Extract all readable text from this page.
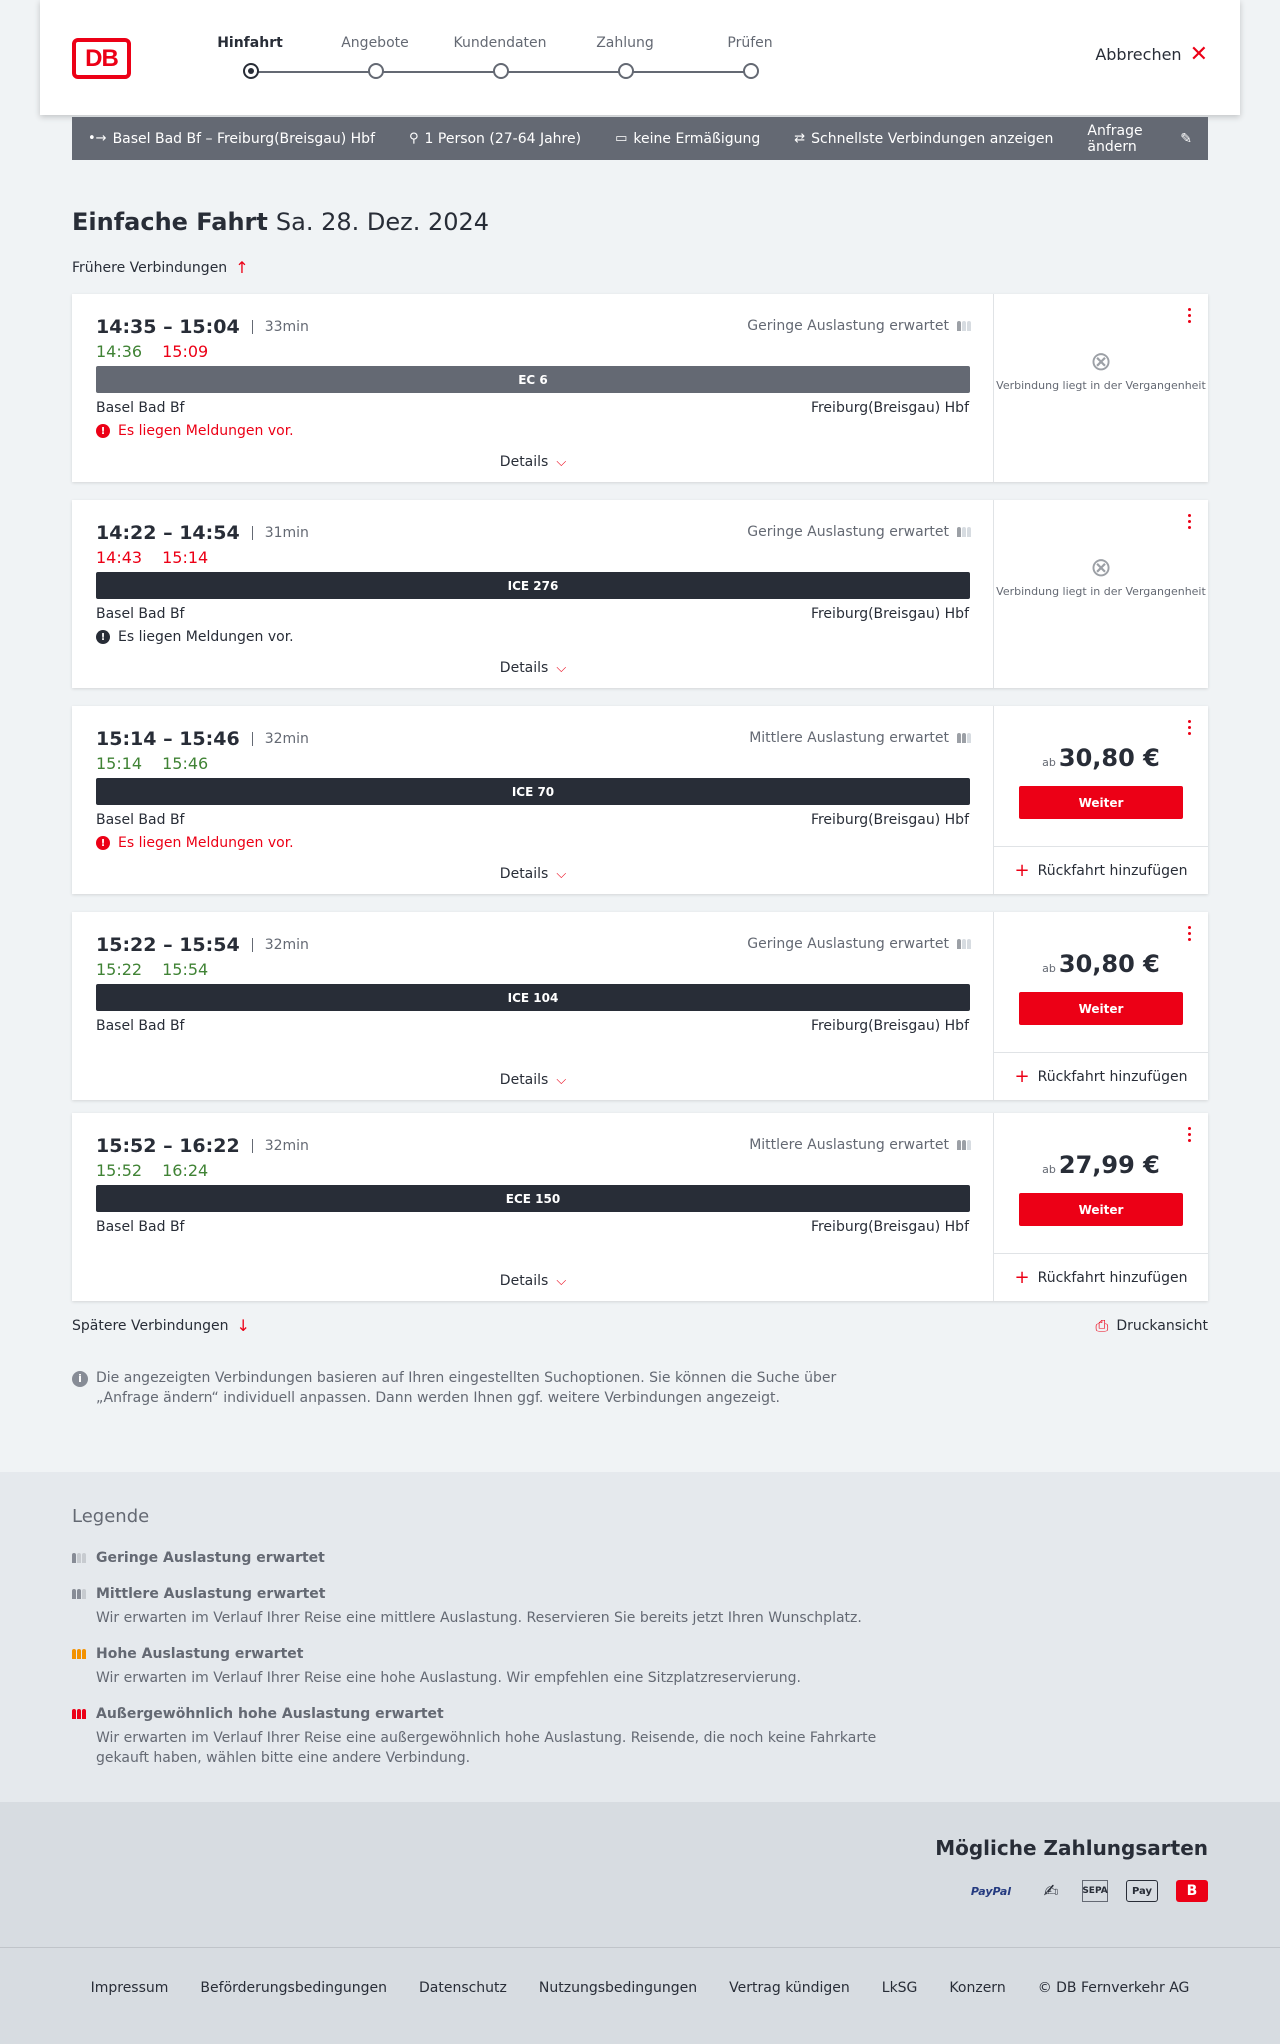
DB
Hinfahrt	Angebote	Kundendaten	Zahlung	Prüfen
Abbrechen ✕
•→ Basel Bad Bf – Freiburg(Breisgau) Hbf	⚲ 1 Person (27-64 Jahre)	▭ keine Ermäßigung	⇄ Schnellste Verbindungen anzeigen Anfrage ändern	✎
Einfache Fahrt Sa. 28. Dez. 2024
Frühere Verbindungen ↑
14:35 – 15:04	33min
14:36 15:09
Geringe Auslastung erwartet
EC 6
Basel Bad Bf	Freiburg(Breisgau) Hbf
! Es liegen Meldungen vor.
Details ⌵
⊗
Verbindung liegt in der Vergangenheit
14:22 – 14:54	31min
14:43 15:14
Geringe Auslastung erwartet
ICE 276
Basel Bad Bf	Freiburg(Breisgau) Hbf
! Es liegen Meldungen vor.
Details ⌵
⊗
Verbindung liegt in der Vergangenheit
15:14 – 15:46	32min
15:14 15:46
Mittlere Auslastung erwartet
ICE 70
Basel Bad Bf	Freiburg(Breisgau) Hbf
! Es liegen Meldungen vor.
Details ⌵
ab 30,80 €
Weiter
+ Rückfahrt hinzufügen
15:22 – 15:54	32min
15:22 15:54
Geringe Auslastung erwartet
ICE 104
Basel Bad Bf	Freiburg(Breisgau) Hbf
Details ⌵
ab 30,80 €
Weiter
+ Rückfahrt hinzufügen
15:52 – 16:22	32min
15:52 16:24
Mittlere Auslastung erwartet
ECE 150
Basel Bad Bf	Freiburg(Breisgau) Hbf
Details ⌵
ab 27,99 €
Weiter
+ Rückfahrt hinzufügen
Spätere Verbindungen ↓	⎙ Druckansicht
i	Die angezeigten Verbindungen basieren auf Ihren eingestellten Suchoptionen. Sie können die Suche über „Anfrage ändern“ individuell anpassen. Dann werden Ihnen ggf. weitere Verbindungen angezeigt.
Legende
Geringe Auslastung erwartet
Mittlere Auslastung erwartet
Wir erwarten im Verlauf Ihrer Reise eine mittlere Auslastung. Reservieren Sie bereits jetzt Ihren Wunschplatz.
Hohe Auslastung erwartet
Wir erwarten im Verlauf Ihrer Reise eine hohe Auslastung. Wir empfehlen eine Sitzplatzreservierung.
Außergewöhnlich hohe Auslastung erwartet
Wir erwarten im Verlauf Ihrer Reise eine außergewöhnlich hohe Auslastung. Reisende, die noch keine Fahrkarte gekauft haben, wählen bitte eine andere Verbindung.
Mögliche Zahlungsarten
PayPal	✍	SEPA Pay	B
Impressum Beförderungsbedingungen Datenschutz Nutzungsbedingungen Vertrag kündigen LkSG Konzern © DB Fernverkehr AG
